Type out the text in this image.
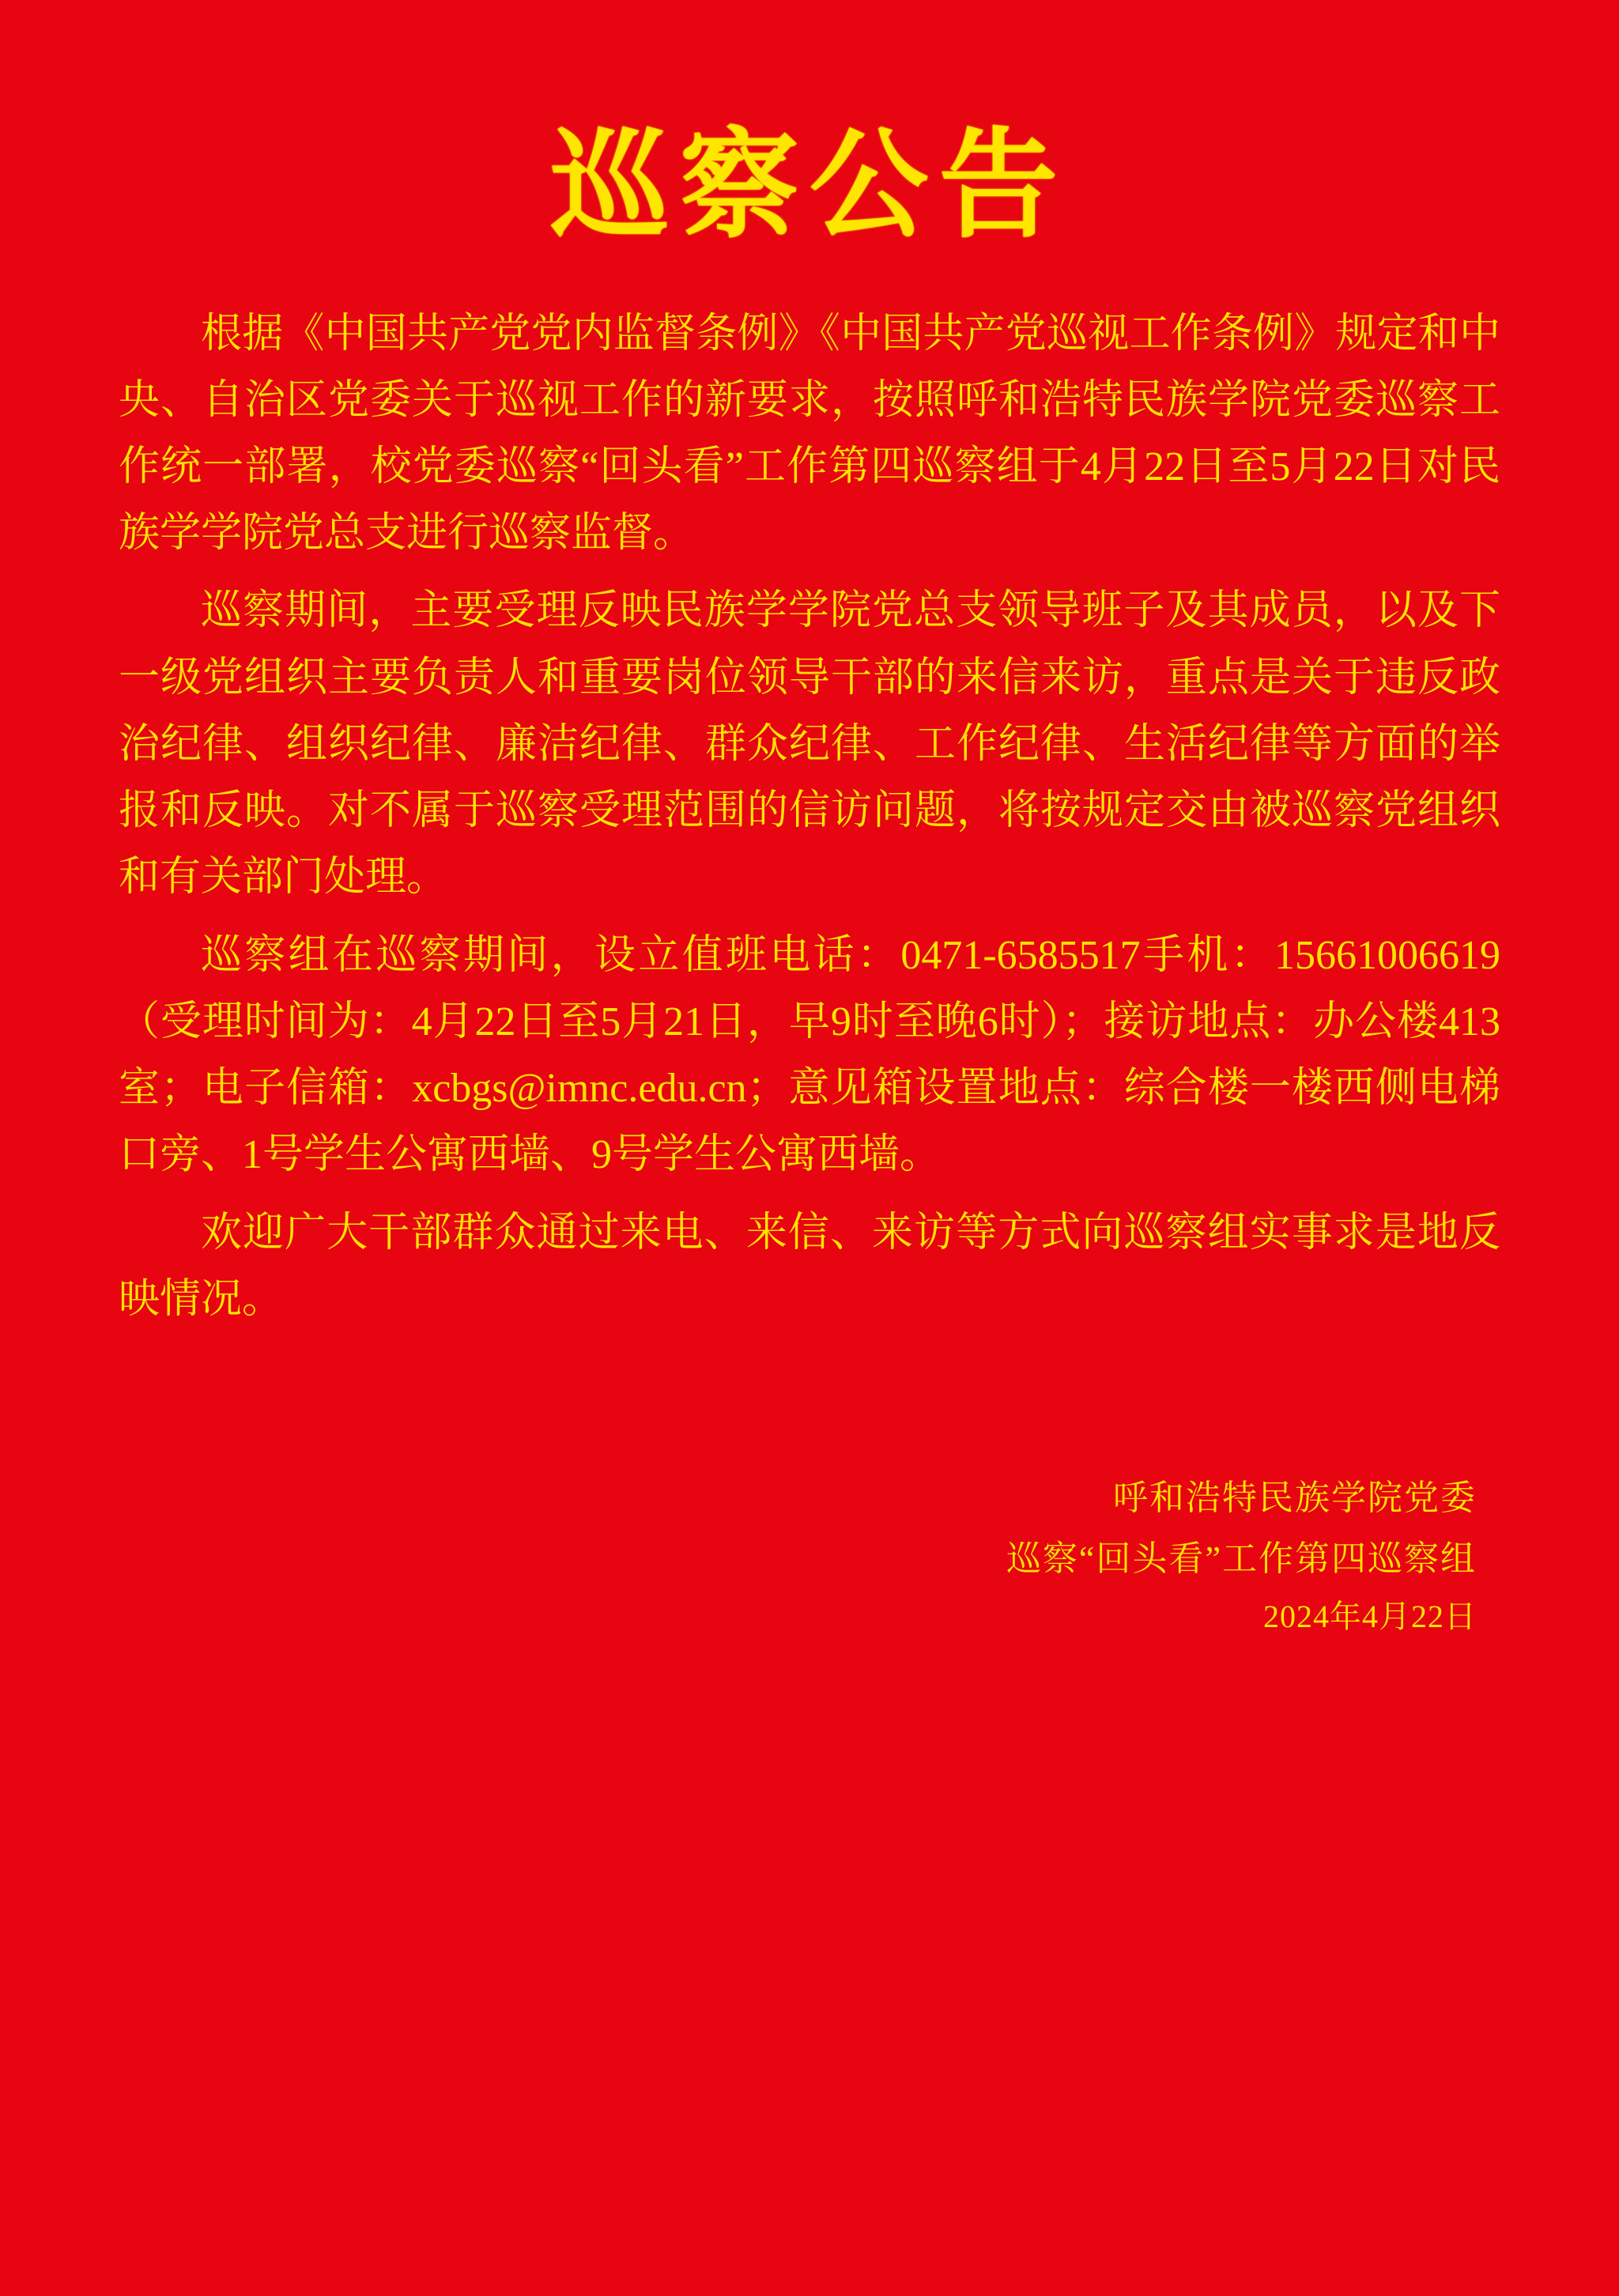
巡察公告

根据《中国共产党党内监督条例》《中国共产党巡视工作条例》规定和中央、自治区党委关于巡视工作的新要求，按照呼和浩特民族学院党委巡察工作统一部署，校党委巡察“回头看”工作第四巡察组于4月22日至5月22日对民族学学院党总支进行巡察监督。

巡察期间，主要受理反映民族学学院党总支领导班子及其成员，以及下一级党组织主要负责人和重要岗位领导干部的来信来访，重点是关于违反政治纪律、组织纪律、廉洁纪律、群众纪律、工作纪律、生活纪律等方面的举报和反映。对不属于巡察受理范围的信访问题，将按规定交由被巡察党组织和有关部门处理。

巡察组在巡察期间，设立值班电话：0471-6585517手机：15661006619（受理时间为：4月22日至5月21日，早9时至晚6时）；接访地点：办公楼413室；电子信箱：xcbgs@imnc.edu.cn；意见箱设置地点：综合楼一楼西侧电梯口旁、1号学生公寓西墙、9号学生公寓西墙。

欢迎广大干部群众通过来电、来信、来访等方式向巡察组实事求是地反映情况。

呼和浩特民族学院党委
巡察“回头看”工作第四巡察组
2024年4月22日
